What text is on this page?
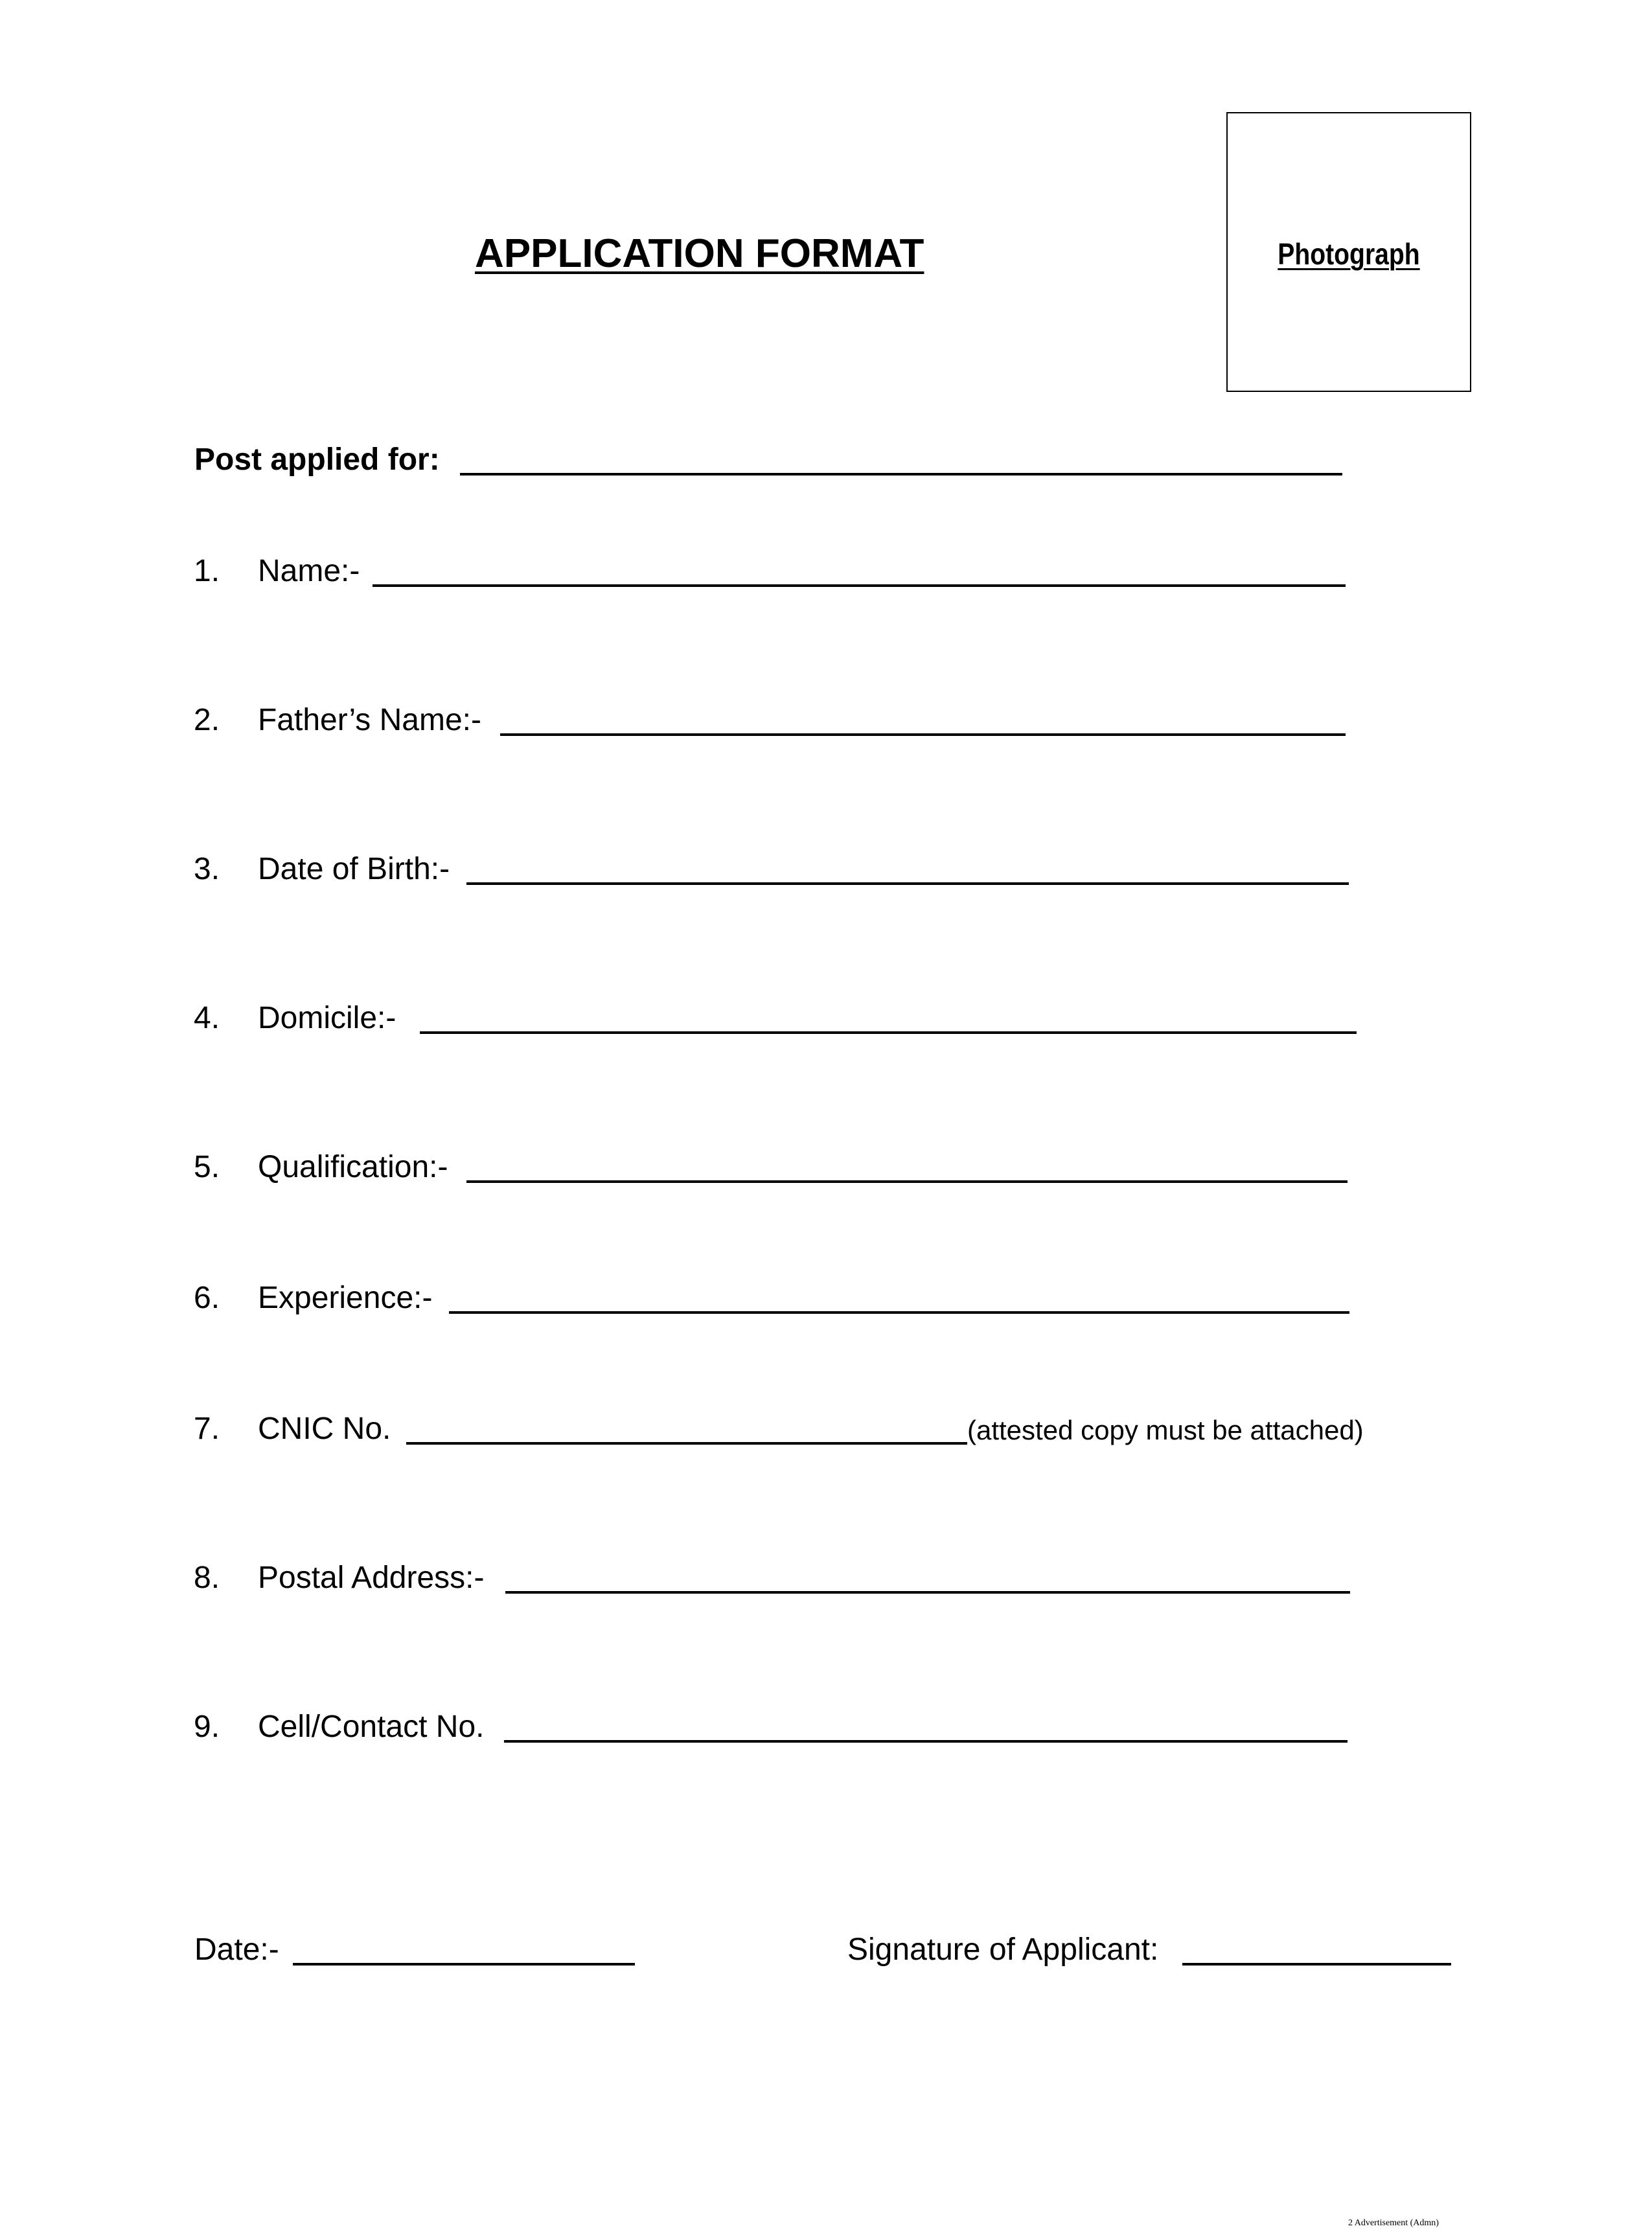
APPLICATION FORMAT	Photograph
Post applied for:
1. Name:-
2. Father’s Name:-
3. Date of Birth:-
4. Domicile:-
5. Qualification:-
6. Experience:-
7. CNIC No.	(attested copy must be attached)
8. Postal Address:-
9. Cell/Contact No.
Date:-	Signature of Applicant:
2 Advertisement (Admn)
